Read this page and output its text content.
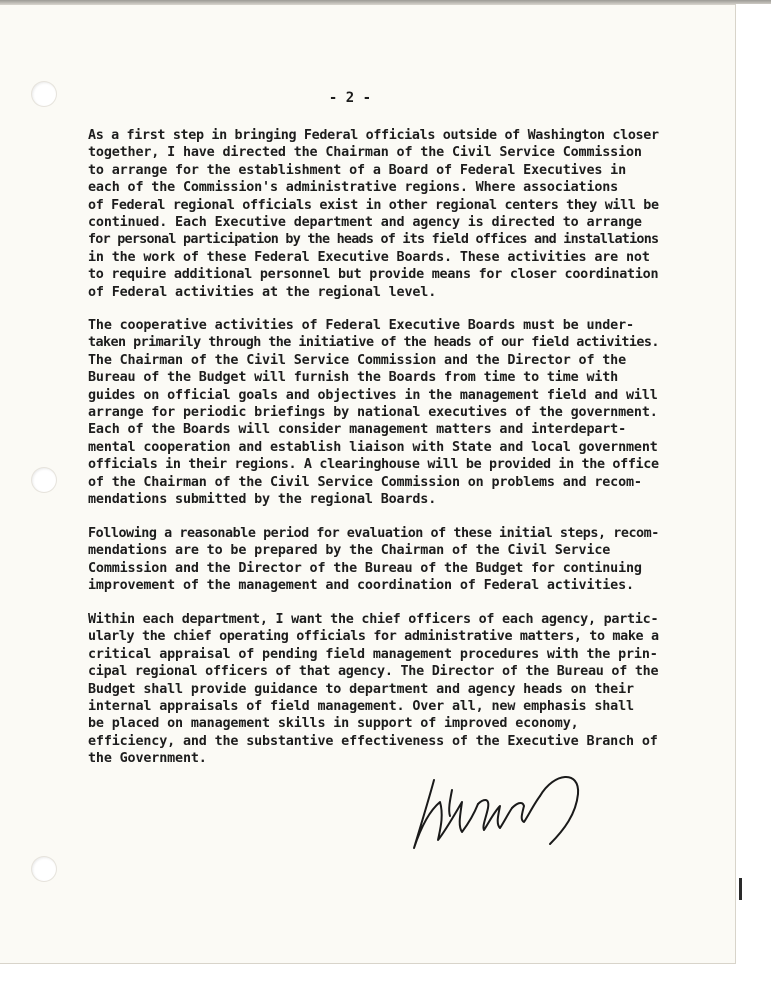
- 2 -

As a first step in bringing Federal officials outside of Washington closer
together, I have directed the Chairman of the Civil Service Commission
to arrange for the establishment of a Board of Federal Executives in
each of the Commission's administrative regions. Where associations
of Federal regional officials exist in other regional centers they will be
continued. Each Executive department and agency is directed to arrange
for personal participation by the heads of its field offices and installations
in the work of these Federal Executive Boards. These activities are not
to require additional personnel but provide means for closer coordination
of Federal activities at the regional level.

The cooperative activities of Federal Executive Boards must be under-
taken primarily through the initiative of the heads of our field activities.
The Chairman of the Civil Service Commission and the Director of the
Bureau of the Budget will furnish the Boards from time to time with
guides on official goals and objectives in the management field and will
arrange for periodic briefings by national executives of the government.
Each of the Boards will consider management matters and interdepart-
mental cooperation and establish liaison with State and local government
officials in their regions. A clearinghouse will be provided in the office
of the Chairman of the Civil Service Commission on problems and recom-
mendations submitted by the regional Boards.

Following a reasonable period for evaluation of these initial steps, recom-
mendations are to be prepared by the Chairman of the Civil Service
Commission and the Director of the Bureau of the Budget for continuing
improvement of the management and coordination of Federal activities.

Within each department, I want the chief officers of each agency, partic-
ularly the chief operating officials for administrative matters, to make a
critical appraisal of pending field management procedures with the prin-
cipal regional officers of that agency. The Director of the Bureau of the
Budget shall provide guidance to department and agency heads on their
internal appraisals of field management. Over all, new emphasis shall
be placed on management skills in support of improved economy,
efficiency, and the substantive effectiveness of the Executive Branch of
the Government.
